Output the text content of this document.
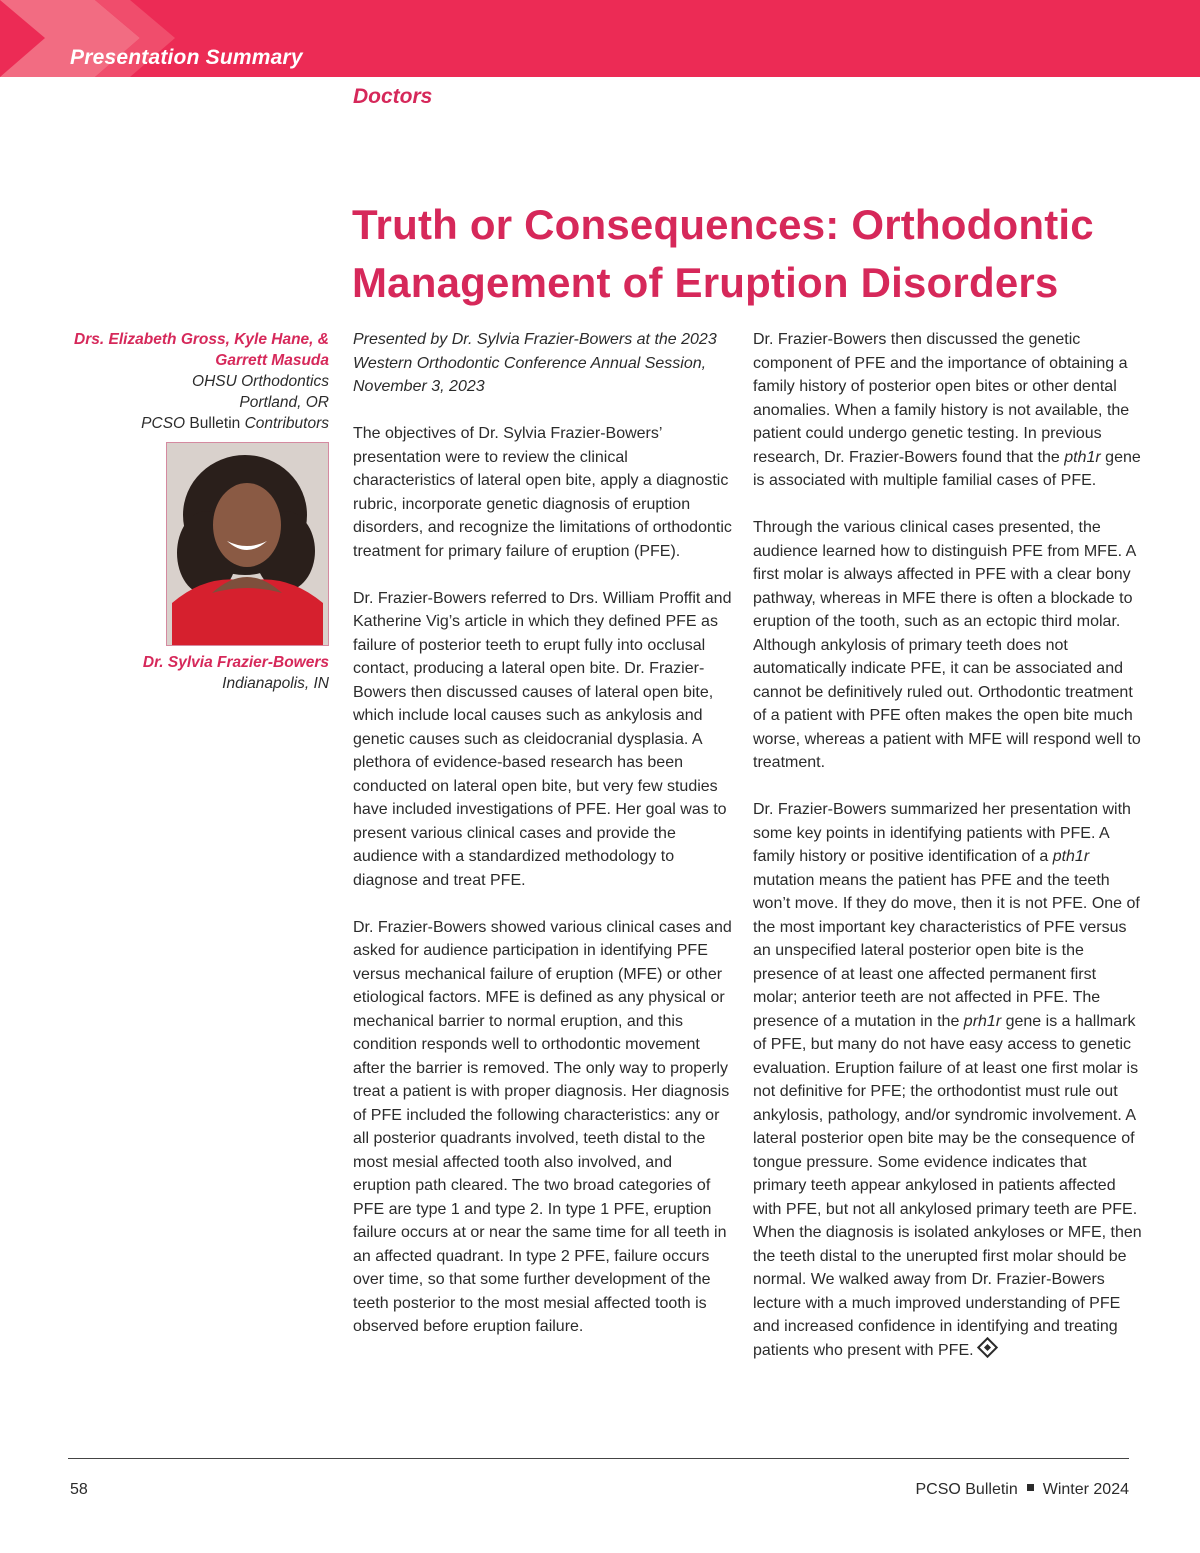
Presentation Summary

Doctors

Truth or Consequences: Orthodontic Management of Eruption Disorders

Drs. Elizabeth Gross, Kyle Hane, &

Garrett Masuda

OHSU Orthodontics

Portland, OR

PCSO Bulletin Contributors

Dr. Sylvia Frazier-Bowers

Indianapolis, IN

Presented by Dr. Sylvia Frazier-Bowers at the 2023 Western Orthodontic Conference Annual Session, November 3, 2023

The objectives of Dr. Sylvia Frazier-Bowers’ presentation were to review the clinical characteristics of lateral open bite, apply a diagnostic rubric, incorporate genetic diagnosis of eruption disorders, and recognize the limitations of orthodontic treatment for primary failure of eruption (PFE).

Dr. Frazier-Bowers referred to Drs. William Proffit and Katherine Vig’s article in which they defined PFE as failure of posterior teeth to erupt fully into occlusal contact, producing a lateral open bite. Dr. Frazier-Bowers then discussed causes of lateral open bite, which include local causes such as ankylosis and genetic causes such as cleidocranial dysplasia. A plethora of evidence-based research has been conducted on lateral open bite, but very few studies have included investigations of PFE. Her goal was to present various clinical cases and provide the audience with a standardized methodology to diagnose and treat PFE.

Dr. Frazier-Bowers showed various clinical cases and asked for audience participation in identifying PFE versus mechanical failure of eruption (MFE) or other etiological factors. MFE is defined as any physical or mechanical barrier to normal eruption, and this condition responds well to orthodontic movement after the barrier is removed. The only way to properly treat a patient is with proper diagnosis. Her diagnosis of PFE included the following characteristics: any or all posterior quadrants involved, teeth distal to the most mesial affected tooth also involved, and eruption path cleared. The two broad categories of PFE are type 1 and type 2. In type 1 PFE, eruption failure occurs at or near the same time for all teeth in an affected quadrant. In type 2 PFE, failure occurs over time, so that some further development of the teeth posterior to the most mesial affected tooth is observed before eruption failure.

Dr. Frazier-Bowers then discussed the genetic component of PFE and the importance of obtaining a family history of posterior open bites or other dental anomalies. When a family history is not available, the patient could undergo genetic testing. In previous research, Dr. Frazier-Bowers found that the pth1r gene is associated with multiple familial cases of PFE.

Through the various clinical cases presented, the audience learned how to distinguish PFE from MFE. A first molar is always affected in PFE with a clear bony pathway, whereas in MFE there is often a blockade to eruption of the tooth, such as an ectopic third molar. Although ankylosis of primary teeth does not automatically indicate PFE, it can be associated and cannot be definitively ruled out. Orthodontic treatment of a patient with PFE often makes the open bite much worse, whereas a patient with MFE will respond well to treatment.

Dr. Frazier-Bowers summarized her presentation with some key points in identifying patients with PFE. A family history or positive identification of a pth1r mutation means the patient has PFE and the teeth won’t move. If they do move, then it is not PFE. One of the most important key characteristics of PFE versus an unspecified lateral posterior open bite is the presence of at least one affected permanent first molar; anterior teeth are not affected in PFE. The presence of a mutation in the prh1r gene is a hallmark of PFE, but many do not have easy access to genetic evaluation. Eruption failure of at least one first molar is not definitive for PFE; the orthodontist must rule out ankylosis, pathology, and/or syndromic involvement. A lateral posterior open bite may be the consequence of tongue pressure. Some evidence indicates that primary teeth appear ankylosed in patients affected with PFE, but not all ankylosed primary teeth are PFE. When the diagnosis is isolated ankyloses or MFE, then the teeth distal to the unerupted first molar should be normal. We walked away from Dr. Frazier-Bowers lecture with a much improved understanding of PFE and increased confidence in identifying and treating patients who present with PFE.

58	PCSO Bulletin Winter 2024
